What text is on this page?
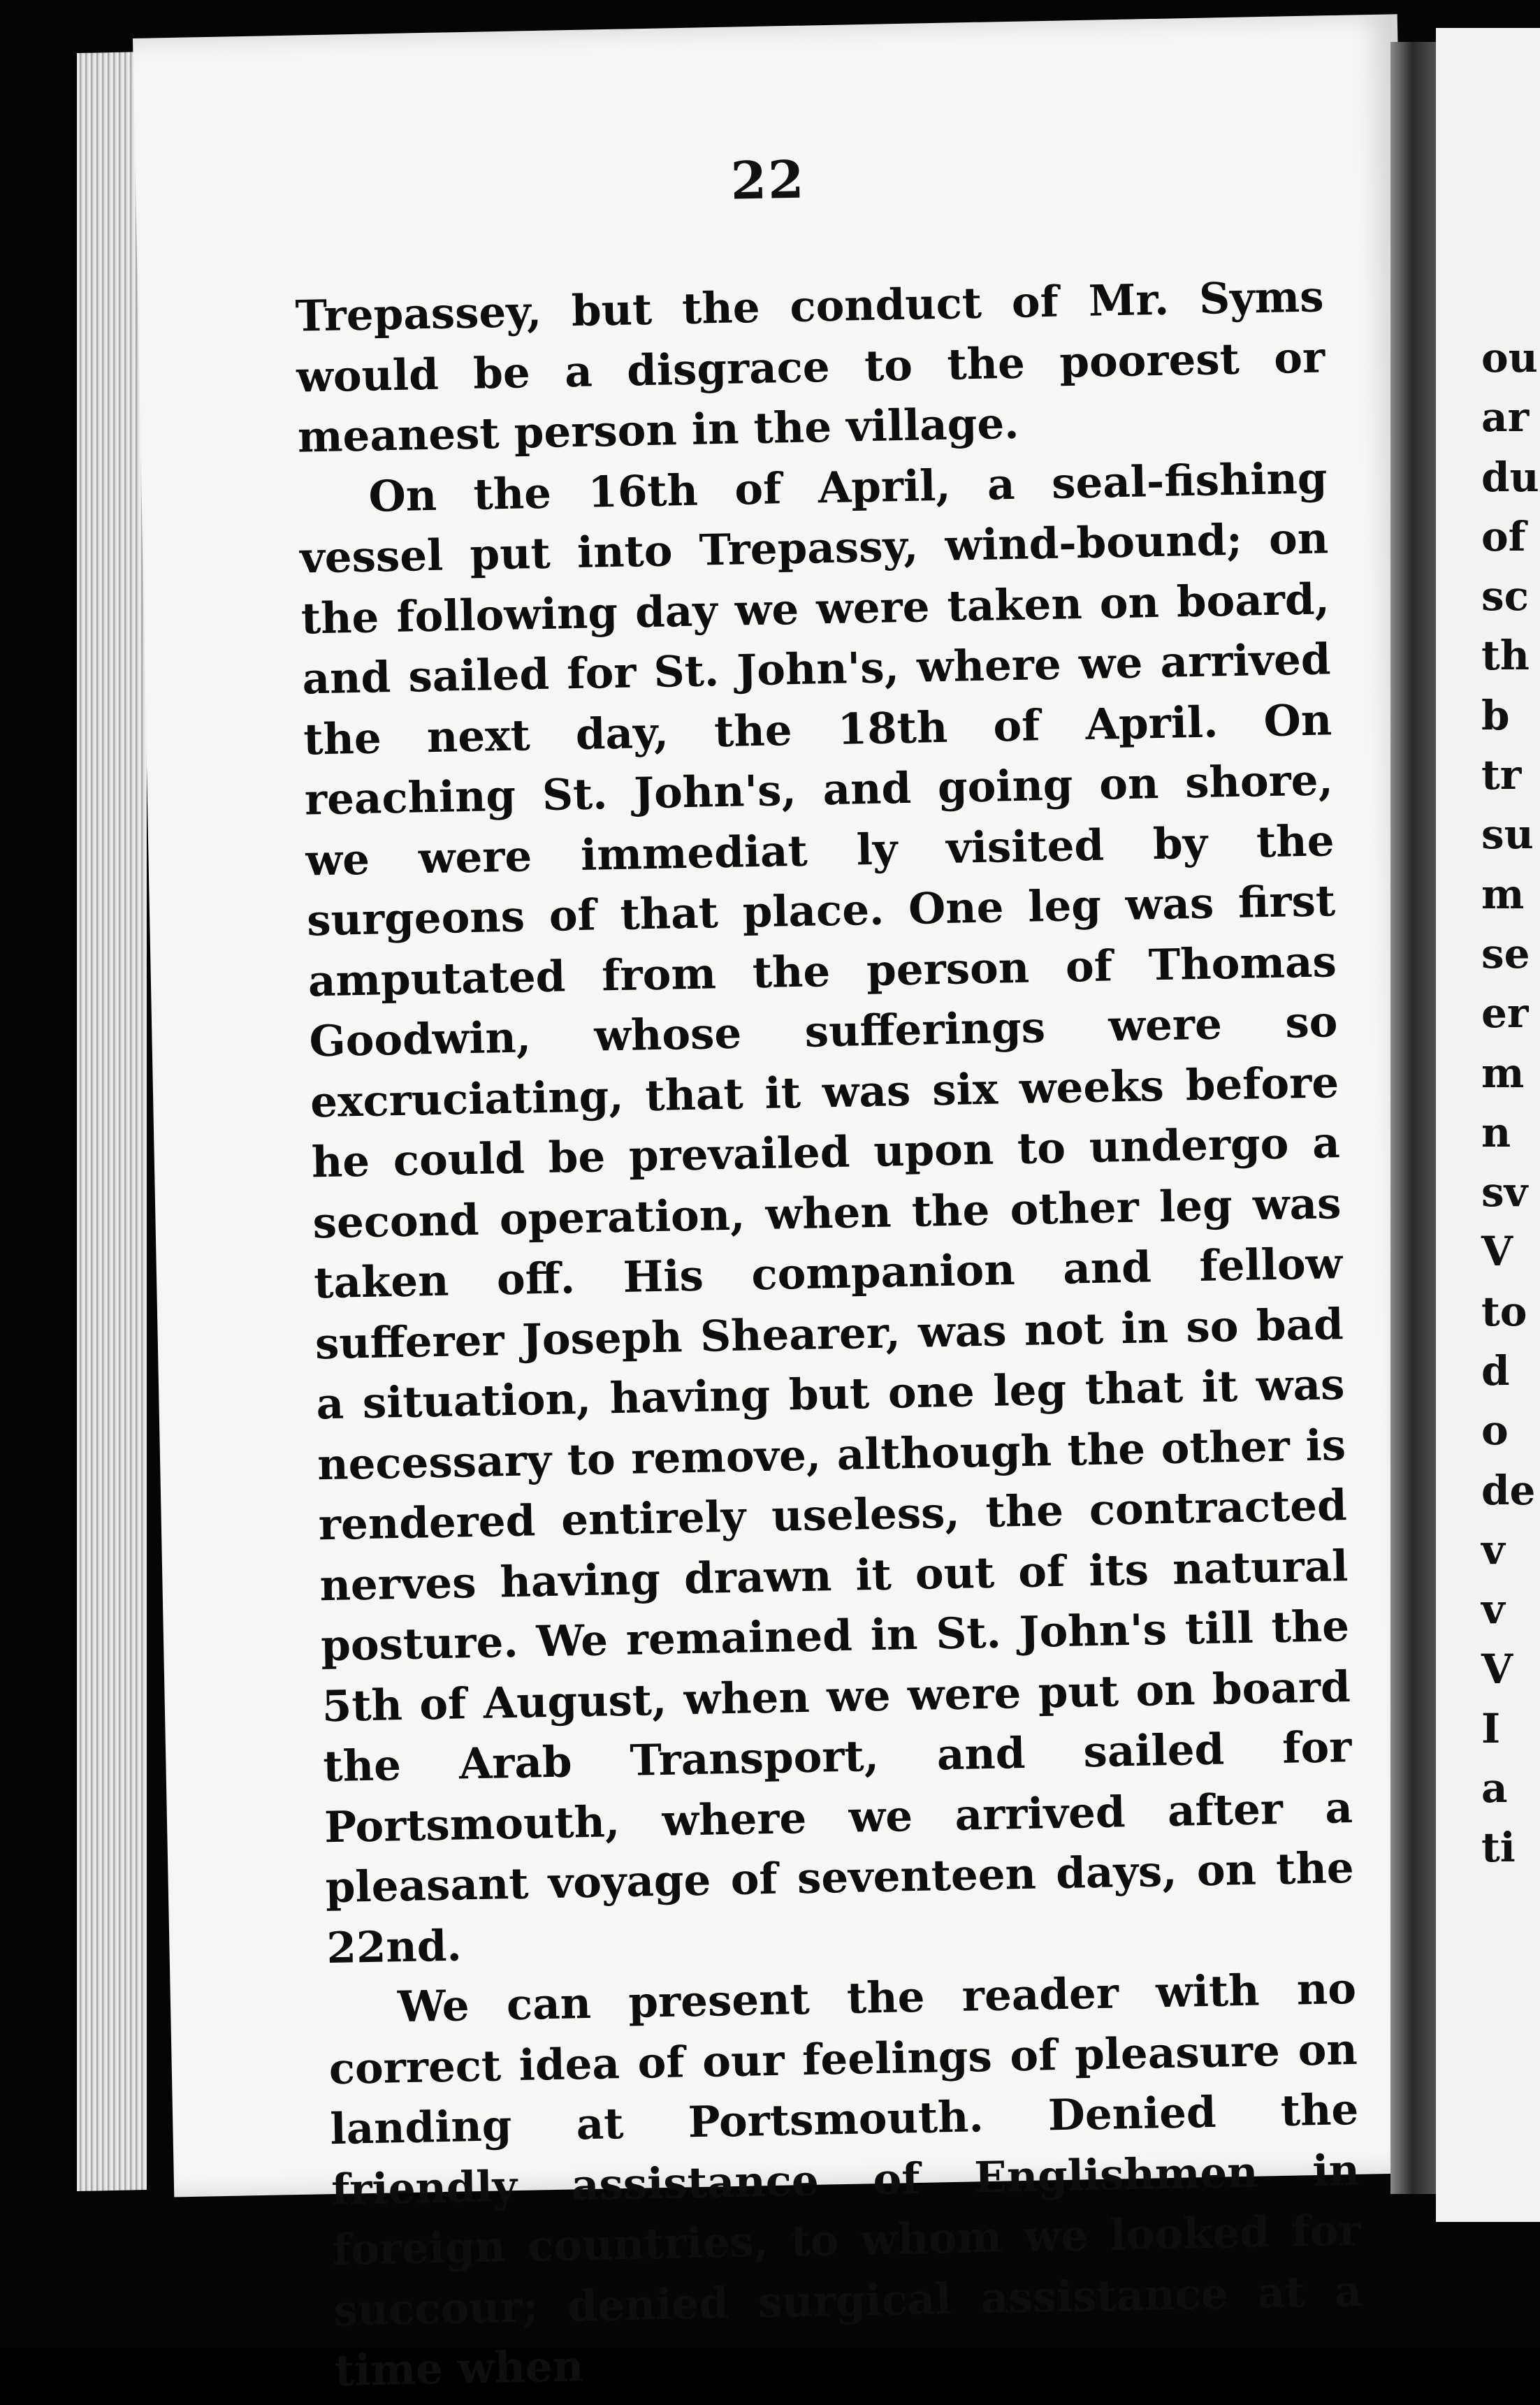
22

Trepassey, but the conduct of Mr. Syms would be a disgrace to the poorest or meanest person in the village.

On the 16th of April, a seal-fishing vessel put into Trepassy, wind-bound; on the following day we were taken on board, and sailed for St. John's, where we arrived the next day, the 18th of April. On reaching St. John's, and going on shore, we were immediat ly visited by the surgeons of that place. One leg was first amputated from the person of Thomas Goodwin, whose sufferings were so excruciating, that it was six weeks before he could be prevailed upon to undergo a second operation, when the other leg was taken off. His companion and fellow sufferer Joseph Shearer, was not in so bad a situation, having but one leg that it was necessary to remove, although the other is rendered entirely useless, the contracted nerves having drawn it out of its natural posture. We remained in St. John's till the 5th of August, when we were put on board the Arab Transport, and sailed for Portsmouth, where we arrived after a pleasant voyage of seventeen days, on the 22nd.

We can present the reader with no correct idea of our feelings of pleasure on landing at Portsmouth. Denied the friendly assistance of Englishmen in foreign countries, to whom we looked for succour; denied surgical assistance at a time when

ou
ar
du
of
sc
th
b
tr
su
m
se
er
m
n
sv
V
to
d
o
de
v
v
V
I
a
ti
